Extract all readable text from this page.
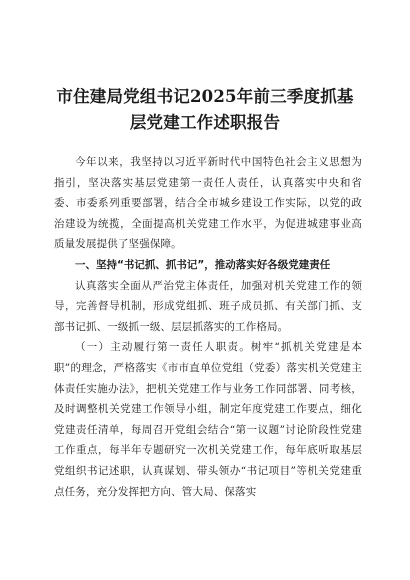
市住建局党组书记2025年前三季度抓基
层党建工作述职报告

今年以来，我坚持以习近平新时代中国特色社会主义思想为指引，坚决落实基层党建第一责任人责任，认真落实中央和省委、市委系列重要部署，结合全市城乡建设工作实际，以党的政治建设为统揽，全面提高机关党建工作水平，为促进城建事业高质量发展提供了坚强保障。

一、坚持“书记抓、抓书记”，推动落实好各级党建责任

认真落实全面从严治党主体责任，加强对机关党建工作的领导，完善督导机制，形成党组抓、班子成员抓、有关部门抓、支部书记抓、一级抓一级、层层抓落实的工作格局。

（一）主动履行第一责任人职责。树牢“抓机关党建是本职”的理念，严格落实《市市直单位党组（党委）落实机关党建主体责任实施办法》，把机关党建工作与业务工作同部署、同考核，及时调整机关党建工作领导小组，制定年度党建工作要点，细化党建责任清单，每周召开党组会结合“第一议题”讨论阶段性党建工作重点，每半年专题研究一次机关党建工作，每年底听取基层党组织书记述职，认真谋划、带头领办“书记项目”等机关党建重点任务，充分发挥把方向、管大局、保落实
